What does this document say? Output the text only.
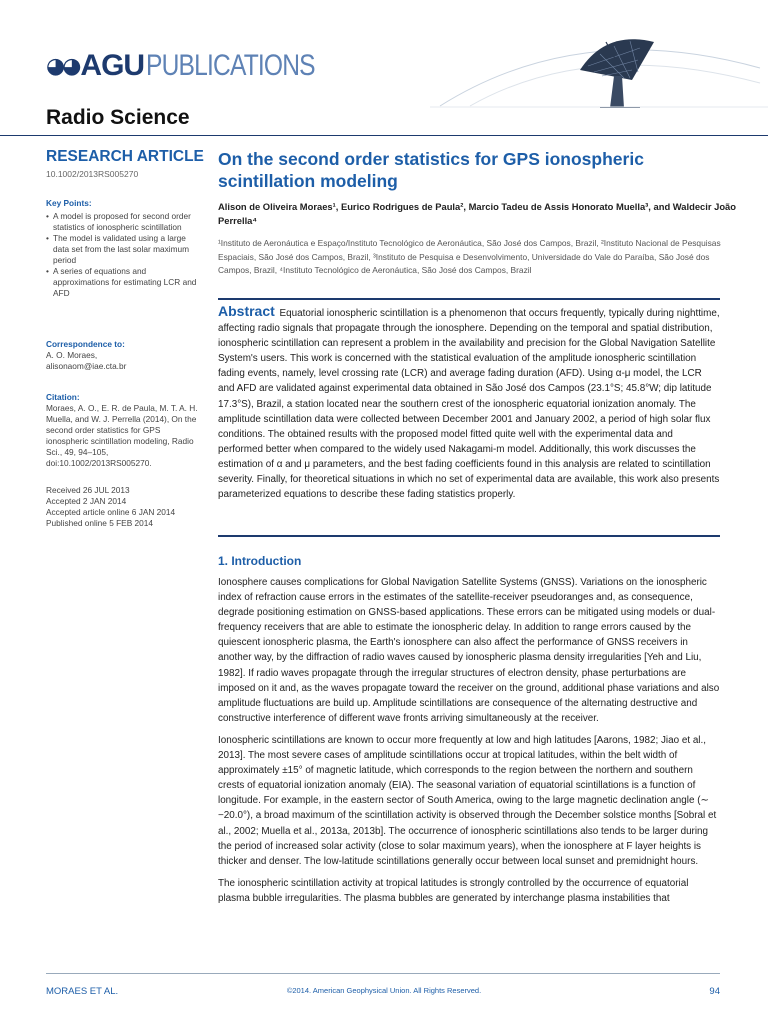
◕◕ AGU PUBLICATIONS
Radio Science
RESEARCH ARTICLE
10.1002/2013RS005270
Key Points:
• A model is proposed for second order statistics of ionospheric scintillation
• The model is validated using a large data set from the last solar maximum period
• A series of equations and approximations for estimating LCR and AFD
Correspondence to:
A. O. Moraes,
alisonaom@iae.cta.br
Citation:
Moraes, A. O., E. R. de Paula, M. T. A. H. Muella, and W. J. Perrella (2014), On the second order statistics for GPS ionospheric scintillation modeling, Radio Sci., 49, 94–105, doi:10.1002/2013RS005270.
Received 26 JUL 2013
Accepted 2 JAN 2014
Accepted article online 6 JAN 2014
Published online 5 FEB 2014
On the second order statistics for GPS ionospheric scintillation modeling
Alison de Oliveira Moraes¹, Eurico Rodrigues de Paula², Marcio Tadeu de Assis Honorato Muella³, and Waldecir João Perrella⁴
¹Instituto de Aeronáutica e Espaço/Instituto Tecnológico de Aeronáutica, São José dos Campos, Brazil, ²Instituto Nacional de Pesquisas Espaciais, São José dos Campos, Brazil, ³Instituto de Pesquisa e Desenvolvimento, Universidade do Vale do Paraíba, São José dos Campos, Brazil, ⁴Instituto Tecnológico de Aeronáutica, São José dos Campos, Brazil
Abstract Equatorial ionospheric scintillation is a phenomenon that occurs frequently, typically during nighttime, affecting radio signals that propagate through the ionosphere. Depending on the temporal and spatial distribution, ionospheric scintillation can represent a problem in the availability and precision for the Global Navigation Satellite System's users. This work is concerned with the statistical evaluation of the amplitude ionospheric scintillation fading events, namely, level crossing rate (LCR) and average fading duration (AFD). Using α-μ model, the LCR and AFD are validated against experimental data obtained in São José dos Campos (23.1°S; 45.8°W; dip latitude 17.3°S), Brazil, a station located near the southern crest of the ionospheric equatorial ionization anomaly. The amplitude scintillation data were collected between December 2001 and January 2002, a period of high solar flux conditions. The obtained results with the proposed model fitted quite well with the experimental data and performed better when compared to the widely used Nakagami-m model. Additionally, this work discusses the estimation of α and μ parameters, and the best fading coefficients found in this analysis are related to scintillation severity. Finally, for theoretical situations in which no set of experimental data are available, this work also presents parameterized equations to describe these fading statistics properly.
1. Introduction

Ionosphere causes complications for Global Navigation Satellite Systems (GNSS). Variations on the ionospheric index of refraction cause errors in the estimates of the satellite-receiver pseudoranges and, as consequence, degrade positioning estimation on GNSS-based applications. These errors can be mitigated using models or dual-frequency receivers that are able to estimate the ionospheric delay. In addition to range errors caused by the quiescent ionospheric plasma, the Earth's ionosphere can also affect the performance of GNSS receivers in another way, by the diffraction of radio waves caused by ionospheric plasma density irregularities [Yeh and Liu, 1982]. If radio waves propagate through the irregular structures of electron density, phase perturbations are imposed on it and, as the waves propagate toward the receiver on the ground, additional phase variations and also amplitude fluctuations are build up. Amplitude scintillations are consequence of the alternating destructive and constructive interference of different wave fronts arriving simultaneously at the receiver.

Ionospheric scintillations are known to occur more frequently at low and high latitudes [Aarons, 1982; Jiao et al., 2013]. The most severe cases of amplitude scintillations occur at tropical latitudes, within the belt width of approximately ±15° of magnetic latitude, which corresponds to the region between the northern and southern crests of equatorial ionization anomaly (EIA). The seasonal variation of equatorial scintillations is a function of longitude. For example, in the eastern sector of South America, owing to the large magnetic declination angle (∼ −20.0°), a broad maximum of the scintillation activity is observed through the December solstice months [Sobral et al., 2002; Muella et al., 2013a, 2013b]. The occurrence of ionospheric scintillations also tends to be larger during the period of increased solar activity (close to solar maximum years), when the ionosphere at F layer heights is thicker and denser. The low-latitude scintillations generally occur between local sunset and premidnight hours.

The ionospheric scintillation activity at tropical latitudes is strongly controlled by the occurrence of equatorial plasma bubble irregularities. The plasma bubbles are generated by interchange plasma instabilities that

MORAES ET AL.	©2014. American Geophysical Union. All Rights Reserved.	94
